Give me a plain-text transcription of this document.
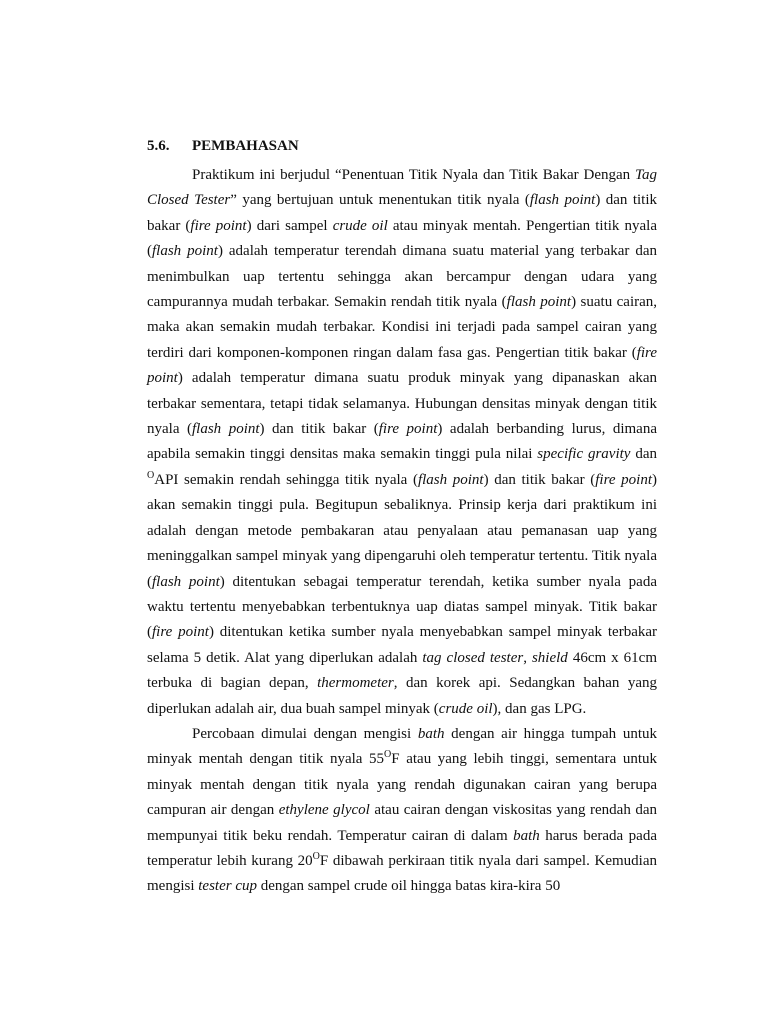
5.6. PEMBAHASAN

Praktikum ini berjudul “Penentuan Titik Nyala dan Titik Bakar Dengan Tag Closed Tester” yang bertujuan untuk menentukan titik nyala (flash point) dan titik bakar (fire point) dari sampel crude oil atau minyak mentah. Pengertian titik nyala (flash point) adalah temperatur terendah dimana suatu material yang terbakar dan menimbulkan uap tertentu sehingga akan bercampur dengan udara yang campurannya mudah terbakar. Semakin rendah titik nyala (flash point) suatu cairan, maka akan semakin mudah terbakar. Kondisi ini terjadi pada sampel cairan yang terdiri dari komponen-komponen ringan dalam fasa gas. Pengertian titik bakar (fire point) adalah temperatur dimana suatu produk minyak yang dipanaskan akan terbakar sementara, tetapi tidak selamanya. Hubungan densitas minyak dengan titik nyala (flash point) dan titik bakar (fire point) adalah berbanding lurus, dimana apabila semakin tinggi densitas maka semakin tinggi pula nilai specific gravity dan $^O$API semakin rendah sehingga titik nyala (flash point) dan titik bakar (fire point) akan semakin tinggi pula. Begitupun sebaliknya. Prinsip kerja dari praktikum ini adalah dengan metode pembakaran atau penyalaan atau pemanasan uap yang meninggalkan sampel minyak yang dipengaruhi oleh temperatur tertentu. Titik nyala (flash point) ditentukan sebagai temperatur terendah, ketika sumber nyala pada waktu tertentu menyebabkan terbentuknya uap diatas sampel minyak. Titik bakar (fire point) ditentukan ketika sumber nyala menyebabkan sampel minyak terbakar selama 5 detik. Alat yang diperlukan adalah tag closed tester, shield 46cm x 61cm terbuka di bagian depan, thermometer, dan korek api. Sedangkan bahan yang diperlukan adalah air, dua buah sampel minyak (crude oil), dan gas LPG.

Percobaan dimulai dengan mengisi bath dengan air hingga tumpah untuk minyak mentah dengan titik nyala $55^OF$ atau yang lebih tinggi, sementara untuk minyak mentah dengan titik nyala yang rendah digunakan cairan yang berupa campuran air dengan ethylene glycol atau cairan dengan viskositas yang rendah dan mempunyai titik beku rendah. Temperatur cairan di dalam bath harus berada pada temperatur lebih kurang $20^OF$ dibawah perkiraan titik nyala dari sampel. Kemudian mengisi tester cup dengan sampel crude oil hingga batas kira-kira 50
